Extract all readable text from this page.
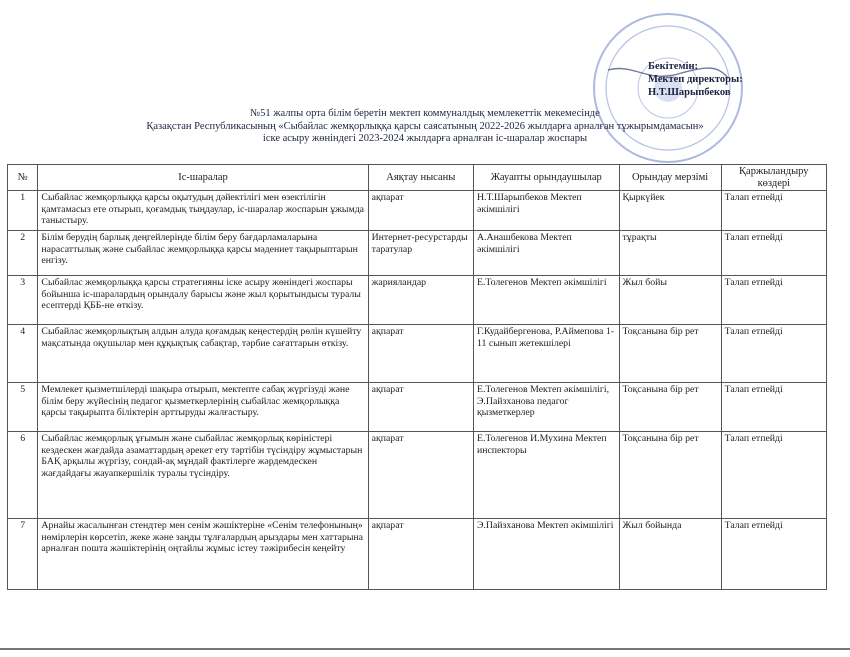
Бекітемін:
Мектеп директоры:
Н.Т.Шарыпбеков
№51 жалпы орта білім беретін мектеп коммуналдық мемлекеттік мекемесінде
Қазақстан Республикасының «Сыбайлас жемқорлыққа қарсы саясатының 2022-2026 жылдарға арналған тұжырымдамасын»
іске асыру жөніндегі 2023-2024 жылдарға арналған іс-шаралар жоспары
№	Іс-шаралар	Аяқтау нысаны	Жауапты орындаушылар	Орындау мерзімі	Қаржыландыру көздері
1	Сыбайлас жемқорлыққа қарсы оқытудың дәйектілігі мен өзектілігін қамтамасыз ете отырып, қоғамдық тыңдаулар, іс-шаралар жоспарын ұжымда таныстыру.	ақпарат	Н.Т.Шарыпбеков Мектеп әкімшілігі	Қыркүйек	Талап етпейді
2	Білім берудің барлық деңгейлерінде білім беру бағдарламаларына нарасаттылық және сыбайлас жемқорлыққа қарсы мәдениет тақырыптарын енгізу.	Интернет-ресурстарды таратулар	А.Анашбекова Мектеп әкімшілігі	тұрақты	Талап етпейді
3	Сыбайлас жемқорлыққа қарсы стратегияны іске асыру жөніндегі жоспары бойынша іс-шаралардың орындалу барысы және жыл қорытындысы туралы есептерді ҚББ-не өткізу.	жарияландар	Е.Толегенов Мектеп әкімшілігі	Жыл бойы	Талап етпейді
4	Сыбайлас жемқорлықтың алдын алуда қоғамдық кеңестердің рөлін күшейту мақсатында оқушылар мен құқықтық сабақтар, тәрбие сағаттарын өткізу.	ақпарат	Г.Кудайбергенова, Р.Аймепова 1-11 сынып жетекшілері	Тоқсанына бір рет	Талап етпейді
5	Мемлекет қызметшілерді шақыра отырып, мектепте сабақ жүргізуді және білім беру жүйесінің педагог қызметкерлерінің сыбайлас жемқорлыққа қарсы тақырыпта біліктерін арттыруды жалғастыру.	ақпарат	Е.Толегенов Мектеп әкімшілігі, Э.Пайзханова педагог қызметкерлер	Тоқсанына бір рет	Талап етпейді
6	Сыбайлас жемқорлық ұғымын және сыбайлас жемқорлық көріністері кездескен жағдайда азаматтардың әрекет ету тәртібін түсіндіру жұмыстарын БАҚ арқылы жүргізу, сондай-ақ мұндай фактілерге жәрдемдескен жағдайдағы жауапкершілік туралы түсіндіру.	ақпарат	Е.Толегенов И.Мухина Мектеп инспекторы	Тоқсанына бір рет	Талап етпейді
7	Арнайы жасалынған стендтер мен сенім жәшіктеріне «Сенім телефонының» нөмірлерін көрсетіп, жеке және заңды тұлғалардың арыздары мен хаттарына арналған пошта жәшіктерінің оңтайлы жұмыс істеу тәжірибесін кеңейту	ақпарат	Э.Пайзханова Мектеп әкімшілігі	Жыл бойында	Талап етпейді
